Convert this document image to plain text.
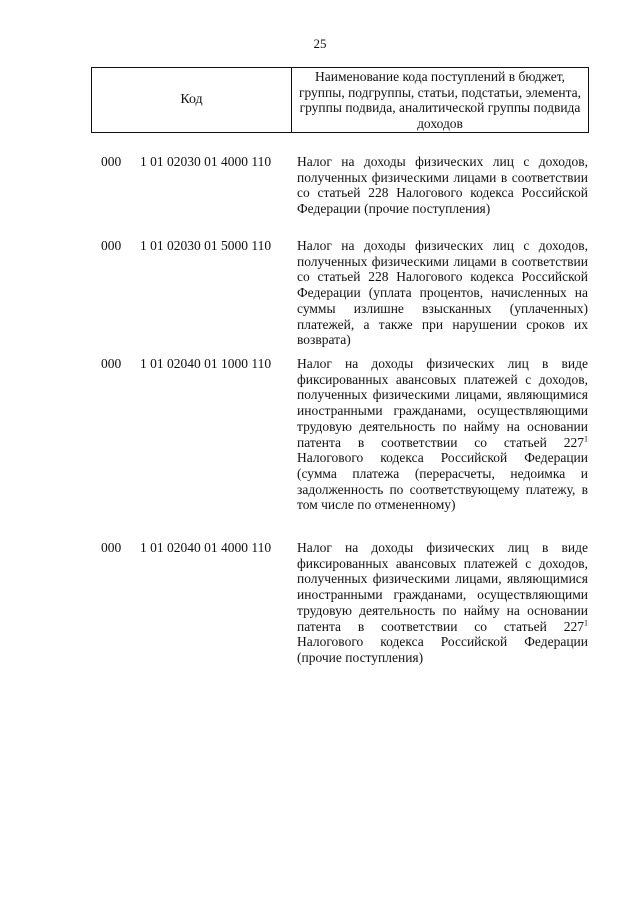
25
Код
Наименование кода поступлений в бюджет, группы, подгруппы, статьи, подстатьи, элемента, группы подвида, аналитической группы подвида доходов
000 1 01 02030 01 4000 110 Налог на доходы физических лиц с доходов, полученных физическими лицами в соответствии со статьей 228 Налогового кодекса Российской Федерации (прочие поступления)
000 1 01 02030 01 5000 110 Налог на доходы физических лиц с доходов, полученных физическими лицами в соответствии со статьей 228 Налогового кодекса Российской Федерации (уплата процентов, начисленных на суммы излишне взысканных (уплаченных) платежей, а также при нарушении сроков их возврата)
000 1 01 02040 01 1000 110 Налог на доходы физических лиц в виде фиксированных авансовых платежей с доходов, полученных физическими лицами, являющимися иностранными гражданами, осуществляющими трудовую деятельность по найму на основании патента в соответствии со статьей $227^1$ Налогового кодекса Российской Федерации (сумма платежа (перерасчеты, недоимка и задолженность по соответствующему платежу, в том числе по отмененному)
000 1 01 02040 01 4000 110 Налог на доходы физических лиц в виде фиксированных авансовых платежей с доходов, полученных физическими лицами, являющимися иностранными гражданами, осуществляющими трудовую деятельность по найму на основании патента в соответствии со статьей $227^1$ Налогового кодекса Российской Федерации (прочие поступления)
